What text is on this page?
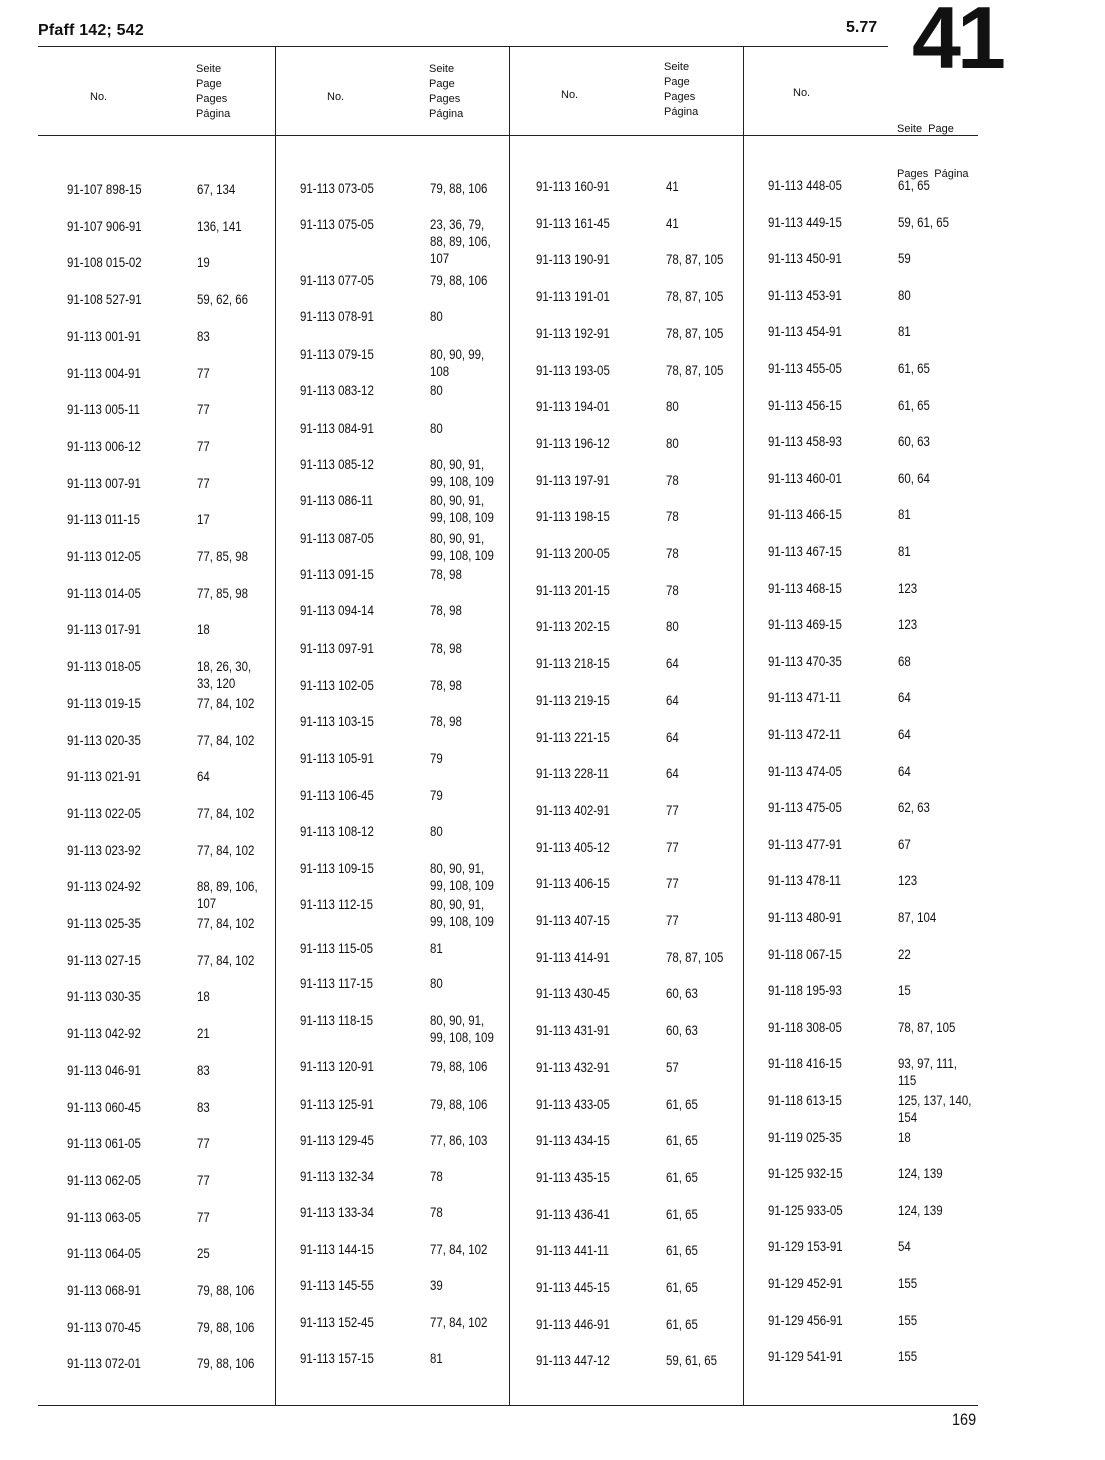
Pfaff 142; 542	5.77 41
No.
Seite
Page
Pages
Página
No.
Seite
Page
Pages
Página
No.
Seite
Page
Pages
Página
No.

Seite  Page

Pages  Página

91-107 898-15	67, 134
91-107 906-91	136, 141
91-108 015-02	19
91-108 527-91	59, 62, 66
91-113 001-91	83
91-113 004-91	77
91-113 005-11	77
91-113 006-12	77
91-113 007-91	77
91-113 011-15	17
91-113 012-05	77, 85, 98
91-113 014-05	77, 85, 98
91-113 017-91	18
91-113 018-05	18, 26, 30,
33, 120
91-113 019-15	77, 84, 102
91-113 020-35	77, 84, 102
91-113 021-91	64
91-113 022-05	77, 84, 102
91-113 023-92	77, 84, 102
91-113 024-92	88, 89, 106,
107
91-113 025-35	77, 84, 102
91-113 027-15	77, 84, 102
91-113 030-35	18
91-113 042-92	21
91-113 046-91	83
91-113 060-45	83
91-113 061-05	77
91-113 062-05	77
91-113 063-05	77
91-113 064-05	25
91-113 068-91	79, 88, 106
91-113 070-45	79, 88, 106
91-113 072-01	79, 88, 106
91-113 073-05	79, 88, 106
91-113 075-05	23, 36, 79,
88, 89, 106,
107
91-113 077-05	79, 88, 106
91-113 078-91	80
91-113 079-15	80, 90, 99,
108
91-113 083-12	80
91-113 084-91	80
91-113 085-12	80, 90, 91,
99, 108, 109
91-113 086-11	80, 90, 91,
99, 108, 109
91-113 087-05	80, 90, 91,
99, 108, 109
91-113 091-15	78, 98
91-113 094-14	78, 98
91-113 097-91	78, 98
91-113 102-05	78, 98
91-113 103-15	78, 98
91-113 105-91	79
91-113 106-45	79
91-113 108-12	80
91-113 109-15	80, 90, 91,
99, 108, 109
91-113 112-15	80, 90, 91,
99, 108, 109
91-113 115-05	81
91-113 117-15	80
91-113 118-15	80, 90, 91,
99, 108, 109
91-113 120-91	79, 88, 106
91-113 125-91	79, 88, 106
91-113 129-45	77, 86, 103
91-113 132-34	78
91-113 133-34	78
91-113 144-15	77, 84, 102
91-113 145-55	39
91-113 152-45	77, 84, 102
91-113 157-15	81
91-113 160-91	41
91-113 161-45	41
91-113 190-91	78, 87, 105
91-113 191-01	78, 87, 105
91-113 192-91	78, 87, 105
91-113 193-05	78, 87, 105
91-113 194-01	80
91-113 196-12	80
91-113 197-91	78
91-113 198-15	78
91-113 200-05	78
91-113 201-15	78
91-113 202-15	80
91-113 218-15	64
91-113 219-15	64
91-113 221-15	64
91-113 228-11	64
91-113 402-91	77
91-113 405-12	77
91-113 406-15	77
91-113 407-15	77
91-113 414-91	78, 87, 105
91-113 430-45	60, 63
91-113 431-91	60, 63
91-113 432-91	57
91-113 433-05	61, 65
91-113 434-15	61, 65
91-113 435-15	61, 65
91-113 436-41	61, 65
91-113 441-11	61, 65
91-113 445-15	61, 65
91-113 446-91	61, 65
91-113 447-12	59, 61, 65
91-113 448-05	61, 65
91-113 449-15	59, 61, 65
91-113 450-91	59
91-113 453-91	80
91-113 454-91	81
91-113 455-05	61, 65
91-113 456-15	61, 65
91-113 458-93	60, 63
91-113 460-01	60, 64
91-113 466-15	81
91-113 467-15	81
91-113 468-15	123
91-113 469-15	123
91-113 470-35	68
91-113 471-11	64
91-113 472-11	64
91-113 474-05	64
91-113 475-05	62, 63
91-113 477-91	67
91-113 478-11	123
91-113 480-91	87, 104
91-118 067-15	22
91-118 195-93	15
91-118 308-05	78, 87, 105
91-118 416-15	93, 97, 111,
115
91-118 613-15	125, 137, 140,
154
91-119 025-35	18
91-125 932-15	124, 139
91-125 933-05	124, 139
91-129 153-91	54
91-129 452-91	155
91-129 456-91	155
91-129 541-91	155
169
